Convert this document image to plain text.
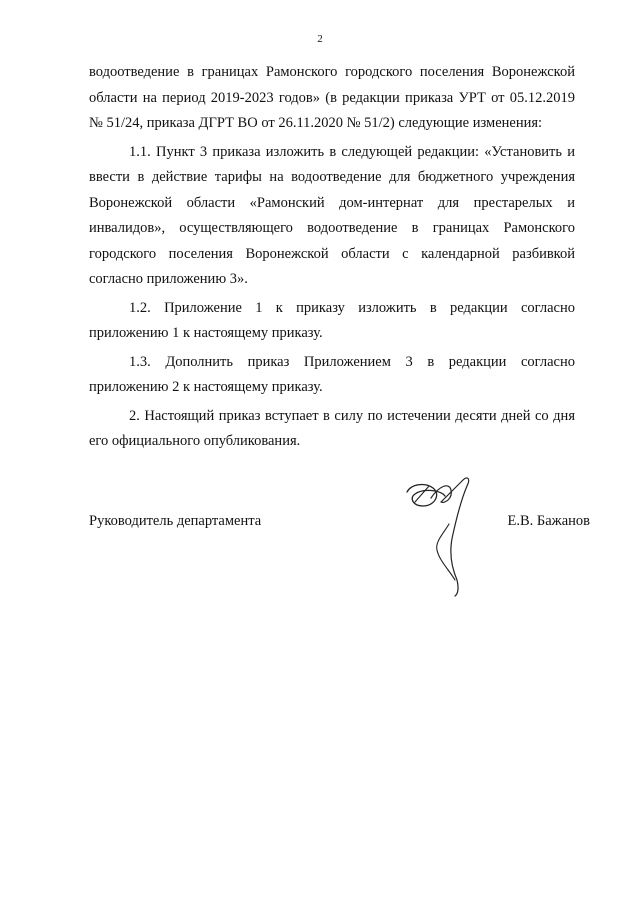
2

водоотведение в границах Рамонского городского поселения Воронежской области на период 2019-2023 годов» (в редакции приказа УРТ от 05.12.2019 № 51/24, приказа ДГРТ ВО от 26.11.2020 № 51/2) следующие изменения:

1.1. Пункт 3 приказа изложить в следующей редакции: «Установить и ввести в действие тарифы на водоотведение для бюджетного учреждения Воронежской области «Рамонский дом-интернат для престарелых и инвалидов», осуществляющего водоотведение в границах Рамонского городского поселения Воронежской области с календарной разбивкой согласно приложению 3».

1.2. Приложение 1 к приказу изложить в редакции согласно приложению 1 к настоящему приказу.

1.3. Дополнить приказ Приложением 3 в редакции согласно приложению 2 к настоящему приказу.

2. Настоящий приказ вступает в силу по истечении десяти дней со дня его официального опубликования.

Руководитель департамента	Е.В. Бажанов
